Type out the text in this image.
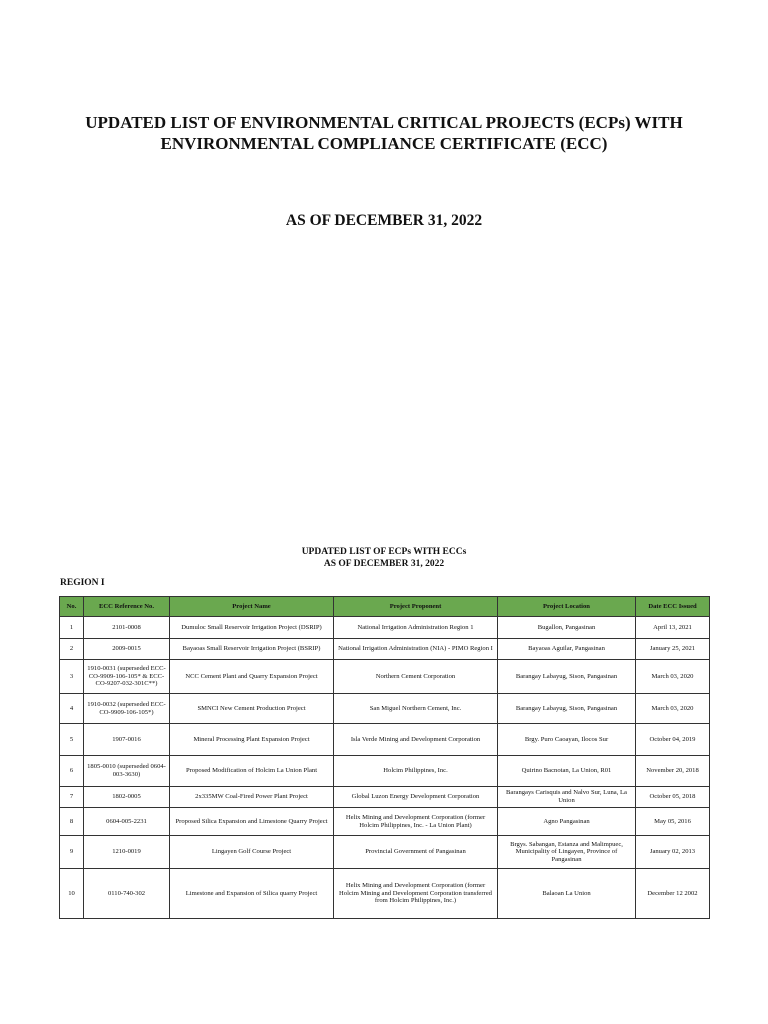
UPDATED LIST OF ENVIRONMENTAL CRITICAL PROJECTS (ECPs) WITH
ENVIRONMENTAL COMPLIANCE CERTIFICATE (ECC)
AS OF DECEMBER 31, 2022
UPDATED LIST OF ECPs WITH ECCs
AS OF DECEMBER 31, 2022
REGION I
No.	ECC Reference No.	Project Name	Project Proponent	Project Location	Date ECC Issued
1	2101-0008	Dumuloc Small Reservoir Irrigation Project (DSRIP)	National Irrigation Administration Region 1	Bugallon, Pangasinan	April 13, 2021
2	2009-0015	Bayaoas Small Reservoir Irrigation Project (BSRIP)	National Irrigation Administration (NIA) - PIMO Region I	Bayaoas Aguilar, Pangasinan	January 25, 2021
3	1910-0031 (superseded ECC-CO-9909-106-105* & ECC-CO-9207-032-301C**)	NCC Cement Plant and Quarry Expansion Project	Northern Cement Corporation	Barangay Labayug, Sison, Pangasinan	March 03, 2020
4	1910-0032 (superseded ECC-CO-9909-106-105*)	SMNCI New Cement Production Project	San Miguel Northern Cement, Inc.	Barangay Labayug, Sison, Pangasinan	March 03, 2020
5	1907-0016	Mineral Processing Plant Expansion Project	Isla Verde Mining and Development Corporation	Brgy. Puro Caoayan, Ilocos Sur	October 04, 2019
6	1805-0010 (superseded 0604-003-3630)	Proposed Modification of Holcim La Union Plant	Holcim Philippines, Inc.	Quirino Bacnotan, La Union, R01	November 20, 2018
7	1802-0005	2x335MW Coal-Fired Power Plant Project	Global Luzon Energy Development Corporation	Barangays Carisquis and Nalvo Sur, Luna, La Union	October 05, 2018
8	0604-005-2231	Proposed Silica Expansion and Limestone Quarry Project	Helix Mining and Development Corporation (former Holcim Philippines, Inc. - La Union Plant)	Agno Pangasinan	May 05, 2016
9	1210-0019	Lingayen Golf Course Project	Provincial Government of Pangasinan	Brgys. Sabangan, Estanza and Malimpuec, Municipality of Lingayen, Province of Pangasinan	January 02, 2013
10	0110-740-302	Limestone and Expansion of Silica quarry Project	Helix Mining and Development Corporation (former Holcim Mining and Development Corporation transferred from Holcim Philippines, Inc.)	Balaoan La Union	December 12 2002
